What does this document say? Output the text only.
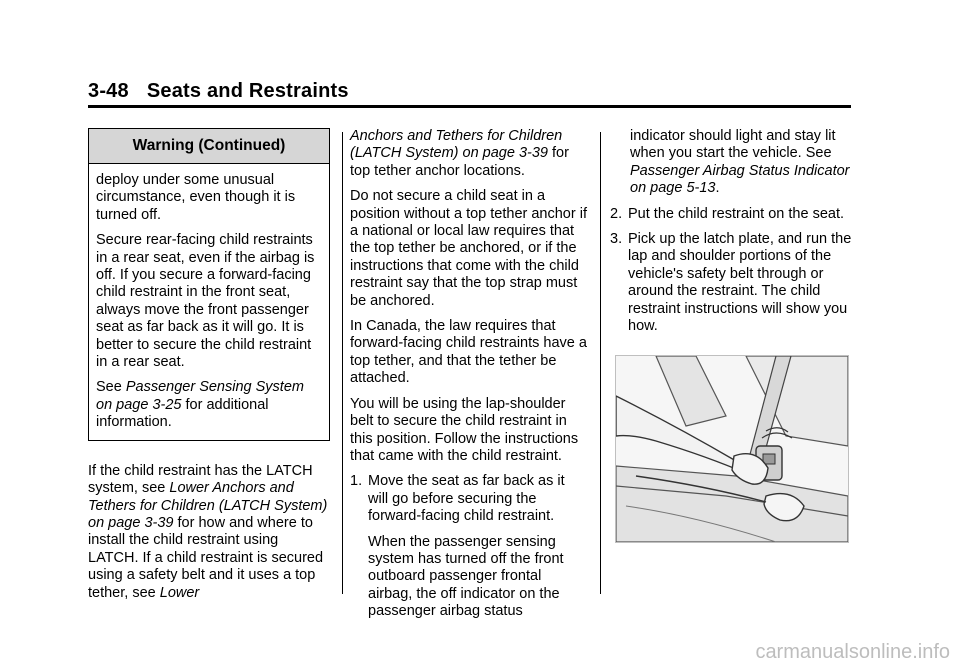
3-48 Seats and Restraints
Warning (Continued)

deploy under some unusual circumstance, even though it is turned off.

Secure rear-facing child restraints in a rear seat, even if the airbag is off. If you secure a forward-facing child restraint in the front seat, always move the front passenger seat as far back as it will go. It is better to secure the child restraint in a rear seat.

See Passenger Sensing System on page 3-25 for additional information.

If the child restraint has the LATCH system, see Lower Anchors and Tethers for Children (LATCH System) on page 3-39 for how and where to install the child restraint using LATCH. If a child restraint is secured using a safety belt and it uses a top tether, see Lower

Anchors and Tethers for Children (LATCH System) on page 3-39 for top tether anchor locations.

Do not secure a child seat in a position without a top tether anchor if a national or local law requires that the top tether be anchored, or if the instructions that come with the child restraint say that the top strap must be anchored.

In Canada, the law requires that forward-facing child restraints have a top tether, and that the tether be attached.

You will be using the lap-shoulder belt to secure the child restraint in this position. Follow the instructions that came with the child restraint.

1. Move the seat as far back as it will go before securing the forward-facing child restraint.

When the passenger sensing system has turned off the front outboard passenger frontal airbag, the off indicator on the passenger airbag status

indicator should light and stay lit when you start the vehicle. See Passenger Airbag Status Indicator on page 5-13.

2. Put the child restraint on the seat.

3. Pick up the latch plate, and run the lap and shoulder portions of the vehicle's safety belt through or around the restraint. The child restraint instructions will show you how.

carmanualsonline.info
